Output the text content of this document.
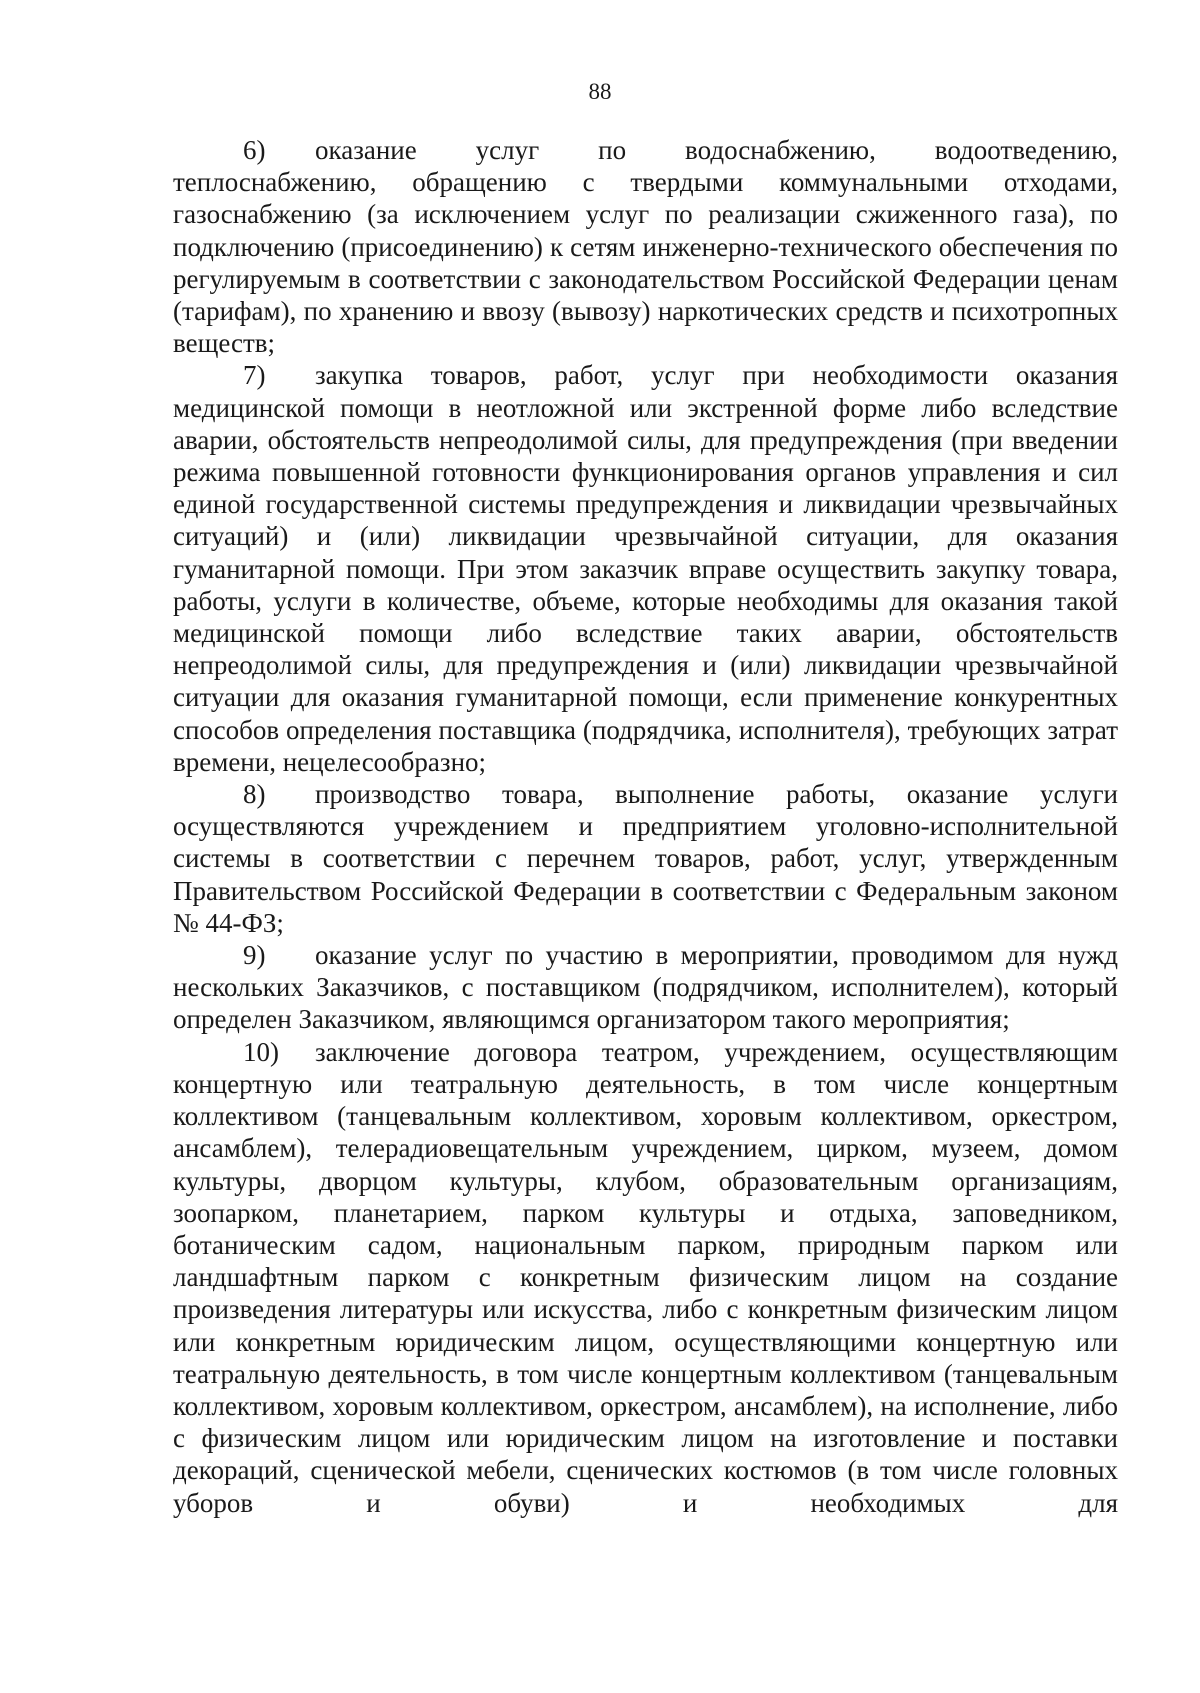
88

6) оказание услуг по водоснабжению, водоотведению, теплоснабжению, обращению с твердыми коммунальными отходами, газоснабжению (за исключением услуг по реализации сжиженного газа), по подключению (присоединению) к сетям инженерно-технического обеспечения по регулируемым в соответствии с законодательством Российской Федерации ценам (тарифам), по хранению и ввозу (вывозу) наркотических средств и психотропных веществ;

7) закупка товаров, работ, услуг при необходимости оказания медицинской помощи в неотложной или экстренной форме либо вследствие аварии, обстоятельств непреодолимой силы, для предупреждения (при введении режима повышенной готовности функционирования органов управления и сил единой государственной системы предупреждения и ликвидации чрезвычайных ситуаций) и (или) ликвидации чрезвычайной ситуации, для оказания гуманитарной помощи. При этом заказчик вправе осуществить закупку товара, работы, услуги в количестве, объеме, которые необходимы для оказания такой медицинской помощи либо вследствие таких аварии, обстоятельств непреодолимой силы, для предупреждения и (или) ликвидации чрезвычайной ситуации для оказания гуманитарной помощи, если применение конкурентных способов определения поставщика (подрядчика, исполнителя), требующих затрат времени, нецелесообразно;

8) производство товара, выполнение работы, оказание услуги осуществляются учреждением и предприятием уголовно-исполнительной системы в соответствии с перечнем товаров, работ, услуг, утвержденным Правительством Российской Федерации в соответствии с Федеральным законом № 44-ФЗ;

9) оказание услуг по участию в мероприятии, проводимом для нужд нескольких Заказчиков, с поставщиком (подрядчиком, исполнителем), который определен Заказчиком, являющимся организатором такого мероприятия;

10) заключение договора театром, учреждением, осуществляющим концертную или театральную деятельность, в том числе концертным коллективом (танцевальным коллективом, хоровым коллективом, оркестром, ансамблем), телерадиовещательным учреждением, цирком, музеем, домом культуры, дворцом культуры, клубом, образовательным организациям, зоопарком, планетарием, парком культуры и отдыха, заповедником, ботаническим садом, национальным парком, природным парком или ландшафтным парком с конкретным физическим лицом на создание произведения литературы или искусства, либо с конкретным физическим лицом или конкретным юридическим лицом, осуществляющими концертную или театральную деятельность, в том числе концертным коллективом (танцевальным коллективом, хоровым коллективом, оркестром, ансамблем), на исполнение, либо с физическим лицом или юридическим лицом на изготовление и поставки декораций, сценической мебели, сценических костюмов (в том числе головных уборов и обуви) и необходимых для
